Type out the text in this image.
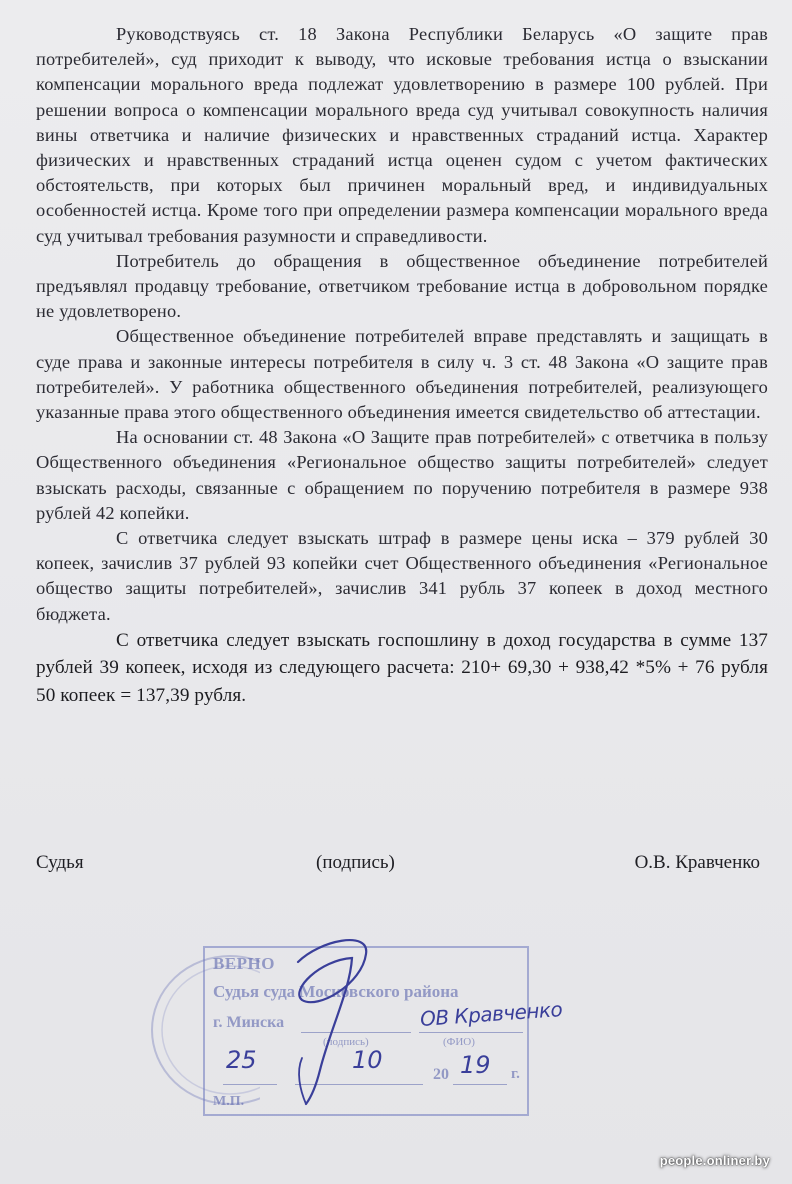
Руководствуясь ст. 18 Закона Республики Беларусь «О защите прав потребителей», суд приходит к выводу, что исковые требования истца о взыскании компенсации морального вреда подлежат удовлетворению в размере 100 рублей. При решении вопроса о компенсации морального вреда суд учитывал совокупность наличия вины ответчика и наличие физических и нравственных страданий истца. Характер физических и нравственных страданий истца оценен судом с учетом фактических обстоятельств, при которых был причинен моральный вред, и индивидуальных особенностей истца. Кроме того при определении размера компенсации морального вреда суд учитывал требования разумности и справедливости.

Потребитель до обращения в общественное объединение потребителей предъявлял продавцу требование, ответчиком требование истца в добровольном порядке не удовлетворено.

Общественное объединение потребителей вправе представлять и защищать в суде права и законные интересы потребителя в силу ч. 3 ст. 48 Закона «О защите прав потребителей». У работника общественного объединения потребителей, реализующего указанные права этого общественного объединения имеется свидетельство об аттестации.

На основании ст. 48 Закона «О Защите прав потребителей» с ответчика в пользу Общественного объединения «Региональное общество защиты потребителей» следует взыскать расходы, связанные с обращением по поручению потребителя в размере 938 рублей 42 копейки.

С ответчика следует взыскать штраф в размере цены иска – 379 рублей 30 копеек, зачислив 37 рублей 93 копейки счет Общественного объединения «Региональное общество защиты потребителей», зачислив 341 рубль 37 копеек в доход местного бюджета.

С ответчика следует взыскать госпошлину в доход государства в сумме 137 рублей 39 копеек, исходя из следующего расчета: 210+ 69,30 + 938,42 *5% + 76 рубля 50 копеек = 137,39 рубля.

Судья	(подпись)	О.В. Кравченко
ВЕРНО
Судья суда Московского района
г. Минска
(подпись)	(ФИО)
20	г.
М.П.
ОВ Кравченко
25	10	19
people.onliner.by
